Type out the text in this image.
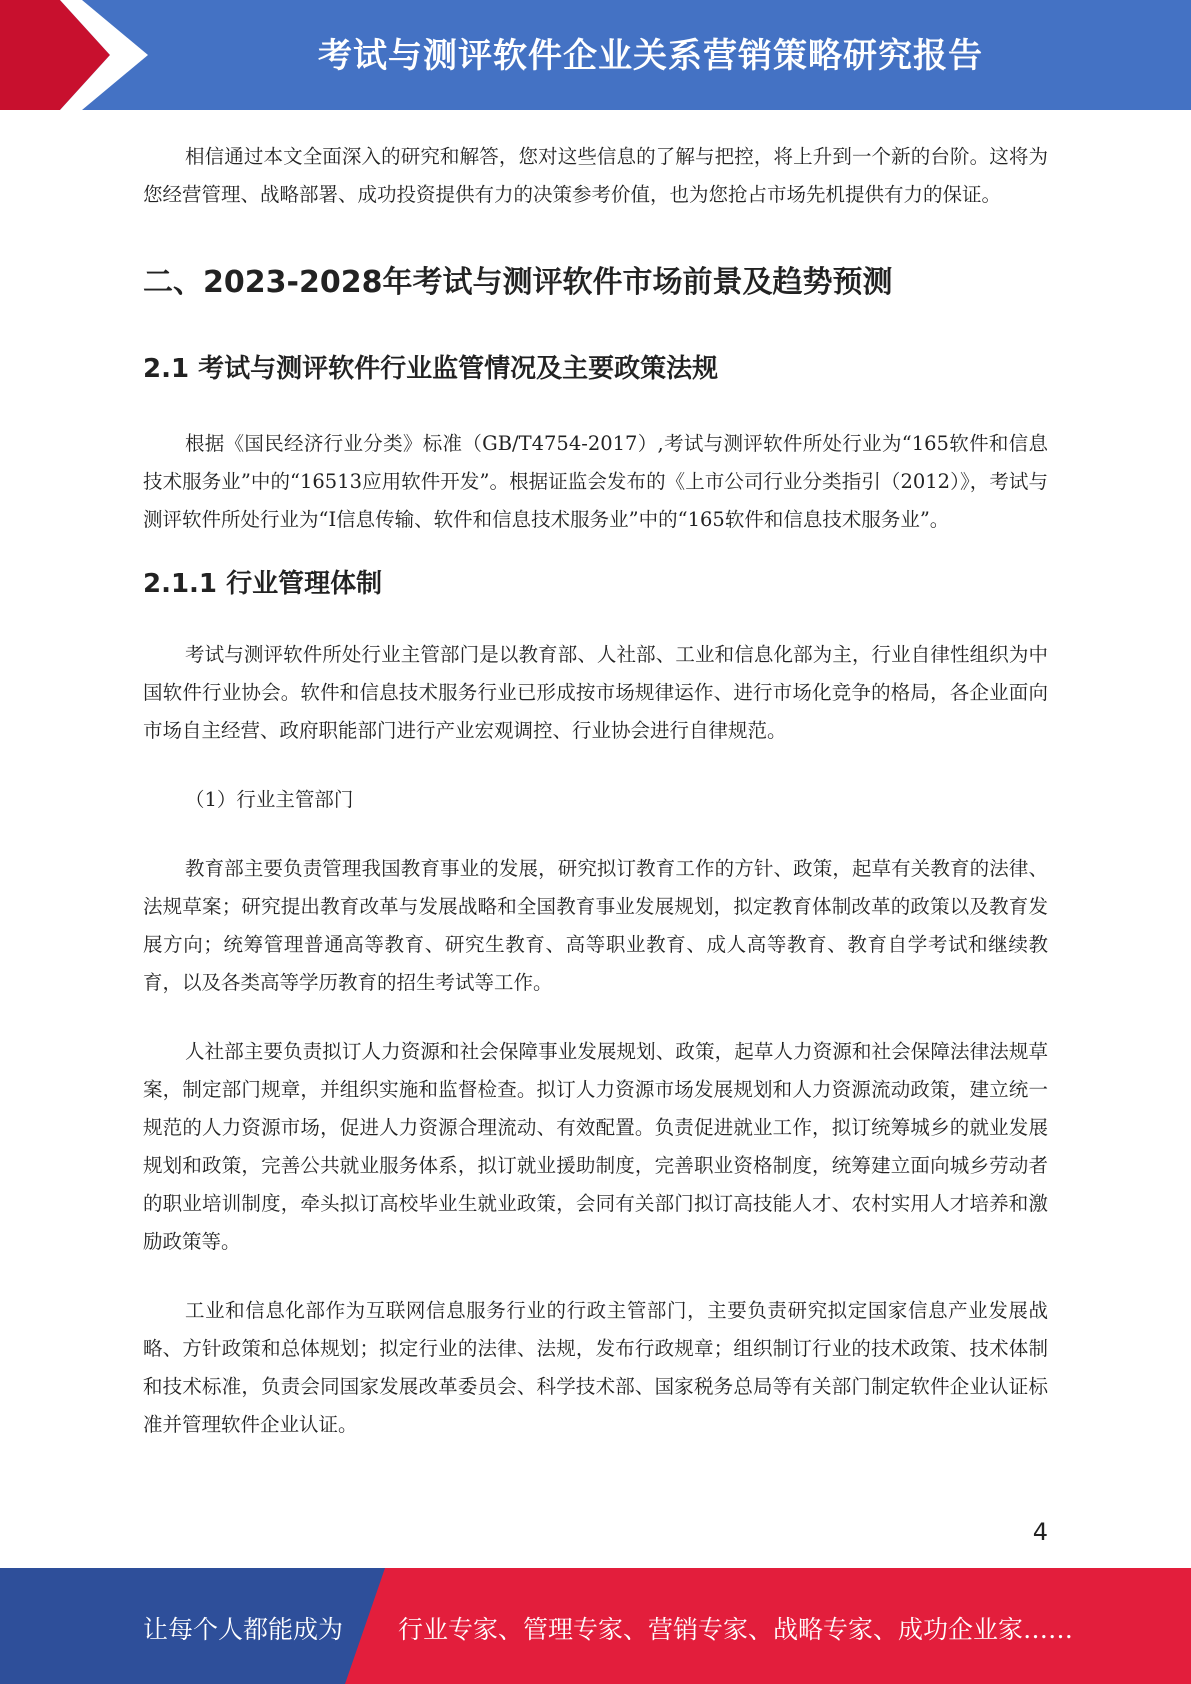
考试与测评软件企业关系营销策略研究报告

相信通过本文全面深入的研究和解答，您对这些信息的了解与把控，将上升到一个新的台阶。这将为您经营管理、战略部署、成功投资提供有力的决策参考价值，也为您抢占市场先机提供有力的保证。

二、2023-2028年考试与测评软件市场前景及趋势预测
2.1 考试与测评软件行业监管情况及主要政策法规

根据《国民经济行业分类》标准（GB/T4754-2017）,考试与测评软件所处行业为“165软件和信息技术服务业”中的“16513应用软件开发”。根据证监会发布的《上市公司行业分类指引（2012）》，考试与测评软件所处行业为“I信息传输、软件和信息技术服务业”中的“165软件和信息技术服务业”。

2.1.1 行业管理体制

考试与测评软件所处行业主管部门是以教育部、人社部、工业和信息化部为主，行业自律性组织为中国软件行业协会。软件和信息技术服务行业已形成按市场规律运作、进行市场化竞争的格局，各企业面向市场自主经营、政府职能部门进行产业宏观调控、行业协会进行自律规范。

（1）行业主管部门

教育部主要负责管理我国教育事业的发展，研究拟订教育工作的方针、政策，起草有关教育的法律、法规草案；研究提出教育改革与发展战略和全国教育事业发展规划，拟定教育体制改革的政策以及教育发展方向；统筹管理普通高等教育、研究生教育、高等职业教育、成人高等教育、教育自学考试和继续教育，以及各类高等学历教育的招生考试等工作。

人社部主要负责拟订人力资源和社会保障事业发展规划、政策，起草人力资源和社会保障法律法规草案，制定部门规章，并组织实施和监督检查。拟订人力资源市场发展规划和人力资源流动政策，建立统一规范的人力资源市场，促进人力资源合理流动、有效配置。负责促进就业工作，拟订统筹城乡的就业发展规划和政策，完善公共就业服务体系，拟订就业援助制度，完善职业资格制度，统筹建立面向城乡劳动者的职业培训制度，牵头拟订高校毕业生就业政策，会同有关部门拟订高技能人才、农村实用人才培养和激励政策等。

工业和信息化部作为互联网信息服务行业的行政主管部门，主要负责研究拟定国家信息产业发展战略、方针政策和总体规划；拟定行业的法律、法规，发布行政规章；组织制订行业的技术政策、技术体制和技术标准，负责会同国家发展改革委员会、科学技术部、国家税务总局等有关部门制定软件企业认证标准并管理软件企业认证。

4
让每个人都能成为 行业专家、管理专家、营销专家、战略专家、成功企业家……
